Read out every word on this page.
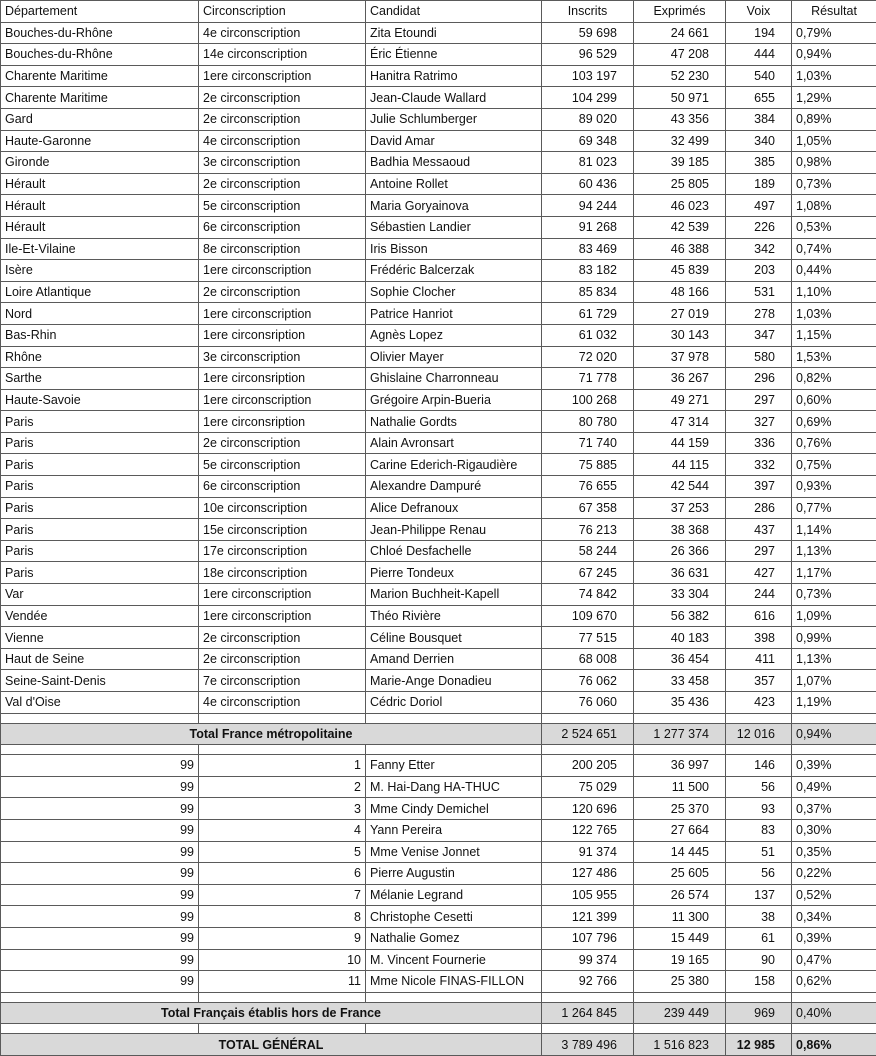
Département	Circonscription	Candidat	Inscrits	Exprimés	Voix	Résultat
Bouches-du-Rhône	4e circonscription	Zita Etoundi	59 698	24 661	194	0,79%
Bouches-du-Rhône	14e circonscription	Éric Étienne	96 529	47 208	444	0,94%
Charente Maritime	1ere circonscription	Hanitra Ratrimo	103 197	52 230	540	1,03%
Charente Maritime	2e circonscription	Jean-Claude Wallard	104 299	50 971	655	1,29%
Gard	2e circonscription	Julie Schlumberger	89 020	43 356	384	0,89%
Haute-Garonne	4e circonscription	David Amar	69 348	32 499	340	1,05%
Gironde	3e circonscription	Badhia Messaoud	81 023	39 185	385	0,98%
Hérault	2e circonscription	Antoine Rollet	60 436	25 805	189	0,73%
Hérault	5e circonscription	Maria Goryainova	94 244	46 023	497	1,08%
Hérault	6e circonscription	Sébastien Landier	91 268	42 539	226	0,53%
Ile-Et-Vilaine	8e circonscription	Iris Bisson	83 469	46 388	342	0,74%
Isère	1ere circonscription	Frédéric Balcerzak	83 182	45 839	203	0,44%
Loire Atlantique	2e circonscription	Sophie Clocher	85 834	48 166	531	1,10%
Nord	1ere circonscription	Patrice Hanriot	61 729	27 019	278	1,03%
Bas-Rhin	1ere circonsription	Agnès Lopez	61 032	30 143	347	1,15%
Rhône	3e circonscription	Olivier Mayer	72 020	37 978	580	1,53%
Sarthe	1ere circonsription	Ghislaine Charronneau	71 778	36 267	296	0,82%
Haute-Savoie	1ere circonscription	Grégoire Arpin-Bueria	100 268	49 271	297	0,60%
Paris	1ere circonsription	Nathalie Gordts	80 780	47 314	327	0,69%
Paris	2e circonscription	Alain Avronsart	71 740	44 159	336	0,76%
Paris	5e circonscription	Carine Ederich-Rigaudière	75 885	44 115	332	0,75%
Paris	6e circonscription	Alexandre Dampuré	76 655	42 544	397	0,93%
Paris	10e circonscription	Alice Defranoux	67 358	37 253	286	0,77%
Paris	15e circonscription	Jean-Philippe Renau	76 213	38 368	437	1,14%
Paris	17e circonscription	Chloé Desfachelle	58 244	26 366	297	1,13%
Paris	18e circonscription	Pierre Tondeux	67 245	36 631	427	1,17%
Var	1ere circonscription	Marion Buchheit-Kapell	74 842	33 304	244	0,73%
Vendée	1ere circonscription	Théo Rivière	109 670	56 382	616	1,09%
Vienne	2e circonscription	Céline Bousquet	77 515	40 183	398	0,99%
Haut de Seine	2e circonscription	Amand Derrien	68 008	36 454	411	1,13%
Seine-Saint-Denis	7e circonscription	Marie-Ange Donadieu	76 062	33 458	357	1,07%
Val d'Oise	4e circonscription	Cédric Doriol	76 060	35 436	423	1,19%

Total France métropolitaine			2 524 651	1 277 374	12 016	0,94%

99	1	Fanny Etter	200 205	36 997	146	0,39%
99	2	M. Hai-Dang HA-THUC	75 029	11 500	56	0,49%
99	3	Mme Cindy Demichel	120 696	25 370	93	0,37%
99	4	Yann Pereira	122 765	27 664	83	0,30%
99	5	Mme Venise Jonnet	91 374	14 445	51	0,35%
99	6	Pierre Augustin	127 486	25 605	56	0,22%
99	7	Mélanie Legrand	105 955	26 574	137	0,52%
99	8	Christophe Cesetti	121 399	11 300	38	0,34%
99	9	Nathalie Gomez	107 796	15 449	61	0,39%
99	10	M. Vincent Fournerie	99 374	19 165	90	0,47%
99	11	Mme Nicole FINAS-FILLON	92 766	25 380	158	0,62%

Total Français établis hors de France			1 264 845	239 449	969	0,40%

TOTAL GÉNÉRAL			3 789 496	1 516 823	12 985	0,86%
